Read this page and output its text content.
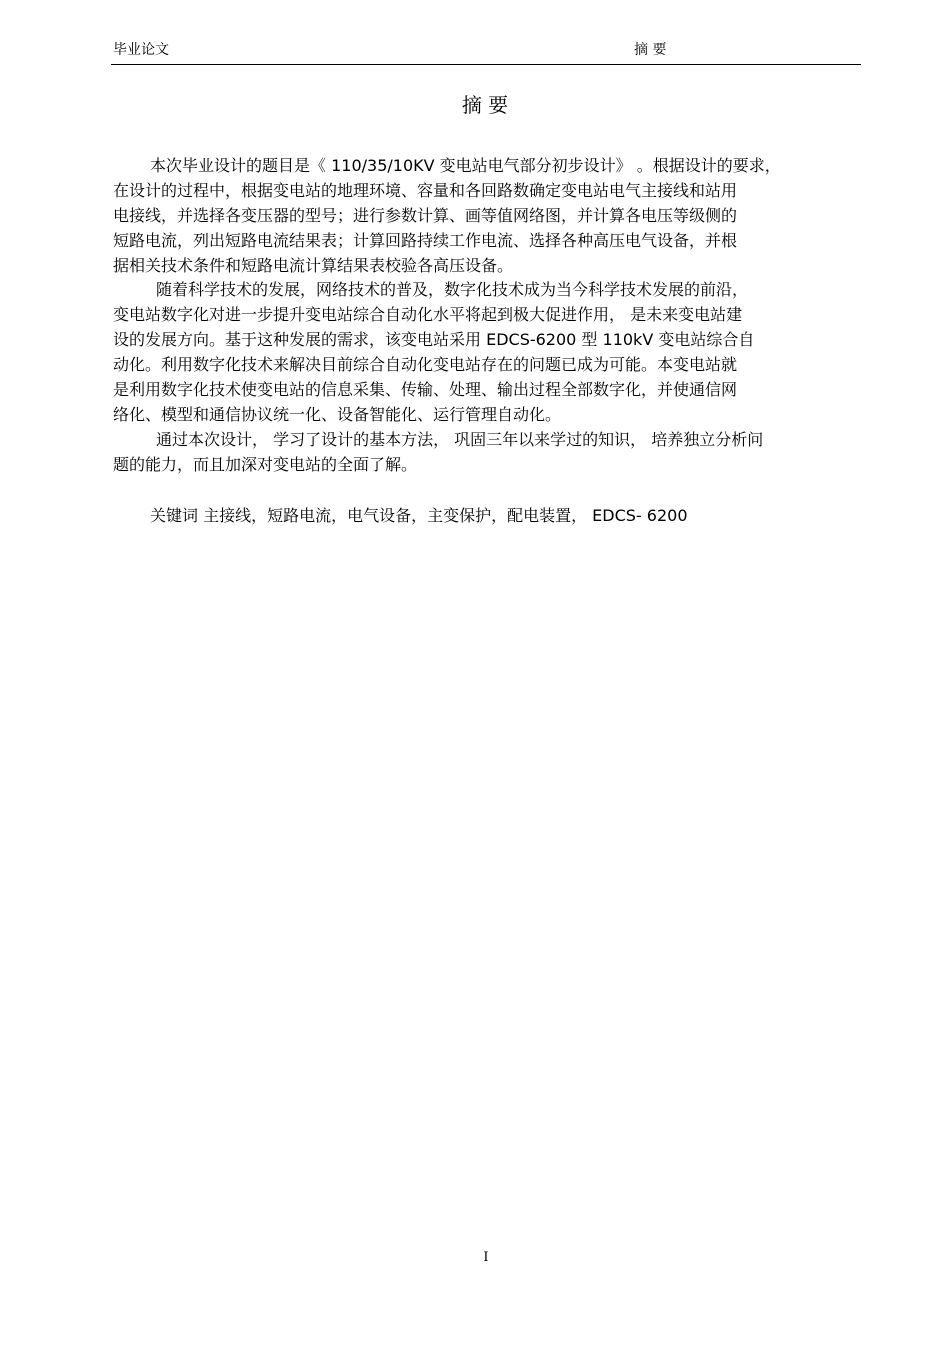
毕业论文	摘 要
摘 要
本次毕业设计的题目是《 110/35/10KV 变电站电气部分初步设计》 。根据设计的要求，
在设计的过程中，根据变电站的地理环境、容量和各回路数确定变电站电气主接线和站用
电接线，并选择各变压器的型号；进行参数计算、画等值网络图，并计算各电压等级侧的
短路电流，列出短路电流结果表；计算回路持续工作电流、选择各种高压电气设备，并根
据相关技术条件和短路电流计算结果表校验各高压设备。
随着科学技术的发展，网络技术的普及，数字化技术成为当今科学技术发展的前沿，
变电站数字化对进一步提升变电站综合自动化水平将起到极大促进作用， 是未来变电站建
设的发展方向。基于这种发展的需求，该变电站采用 EDCS-6200 型 110kV 变电站综合自
动化。利用数字化技术来解决目前综合自动化变电站存在的问题已成为可能。本变电站就
是利用数字化技术使变电站的信息采集、传输、处理、输出过程全部数字化，并使通信网
络化、模型和通信协议统一化、设备智能化、运行管理自动化。
通过本次设计， 学习了设计的基本方法， 巩固三年以来学过的知识， 培养独立分析问
题的能力，而且加深对变电站的全面了解。
关键词 主接线，短路电流，电气设备，主变保护，配电装置， EDCS- 6200
I
